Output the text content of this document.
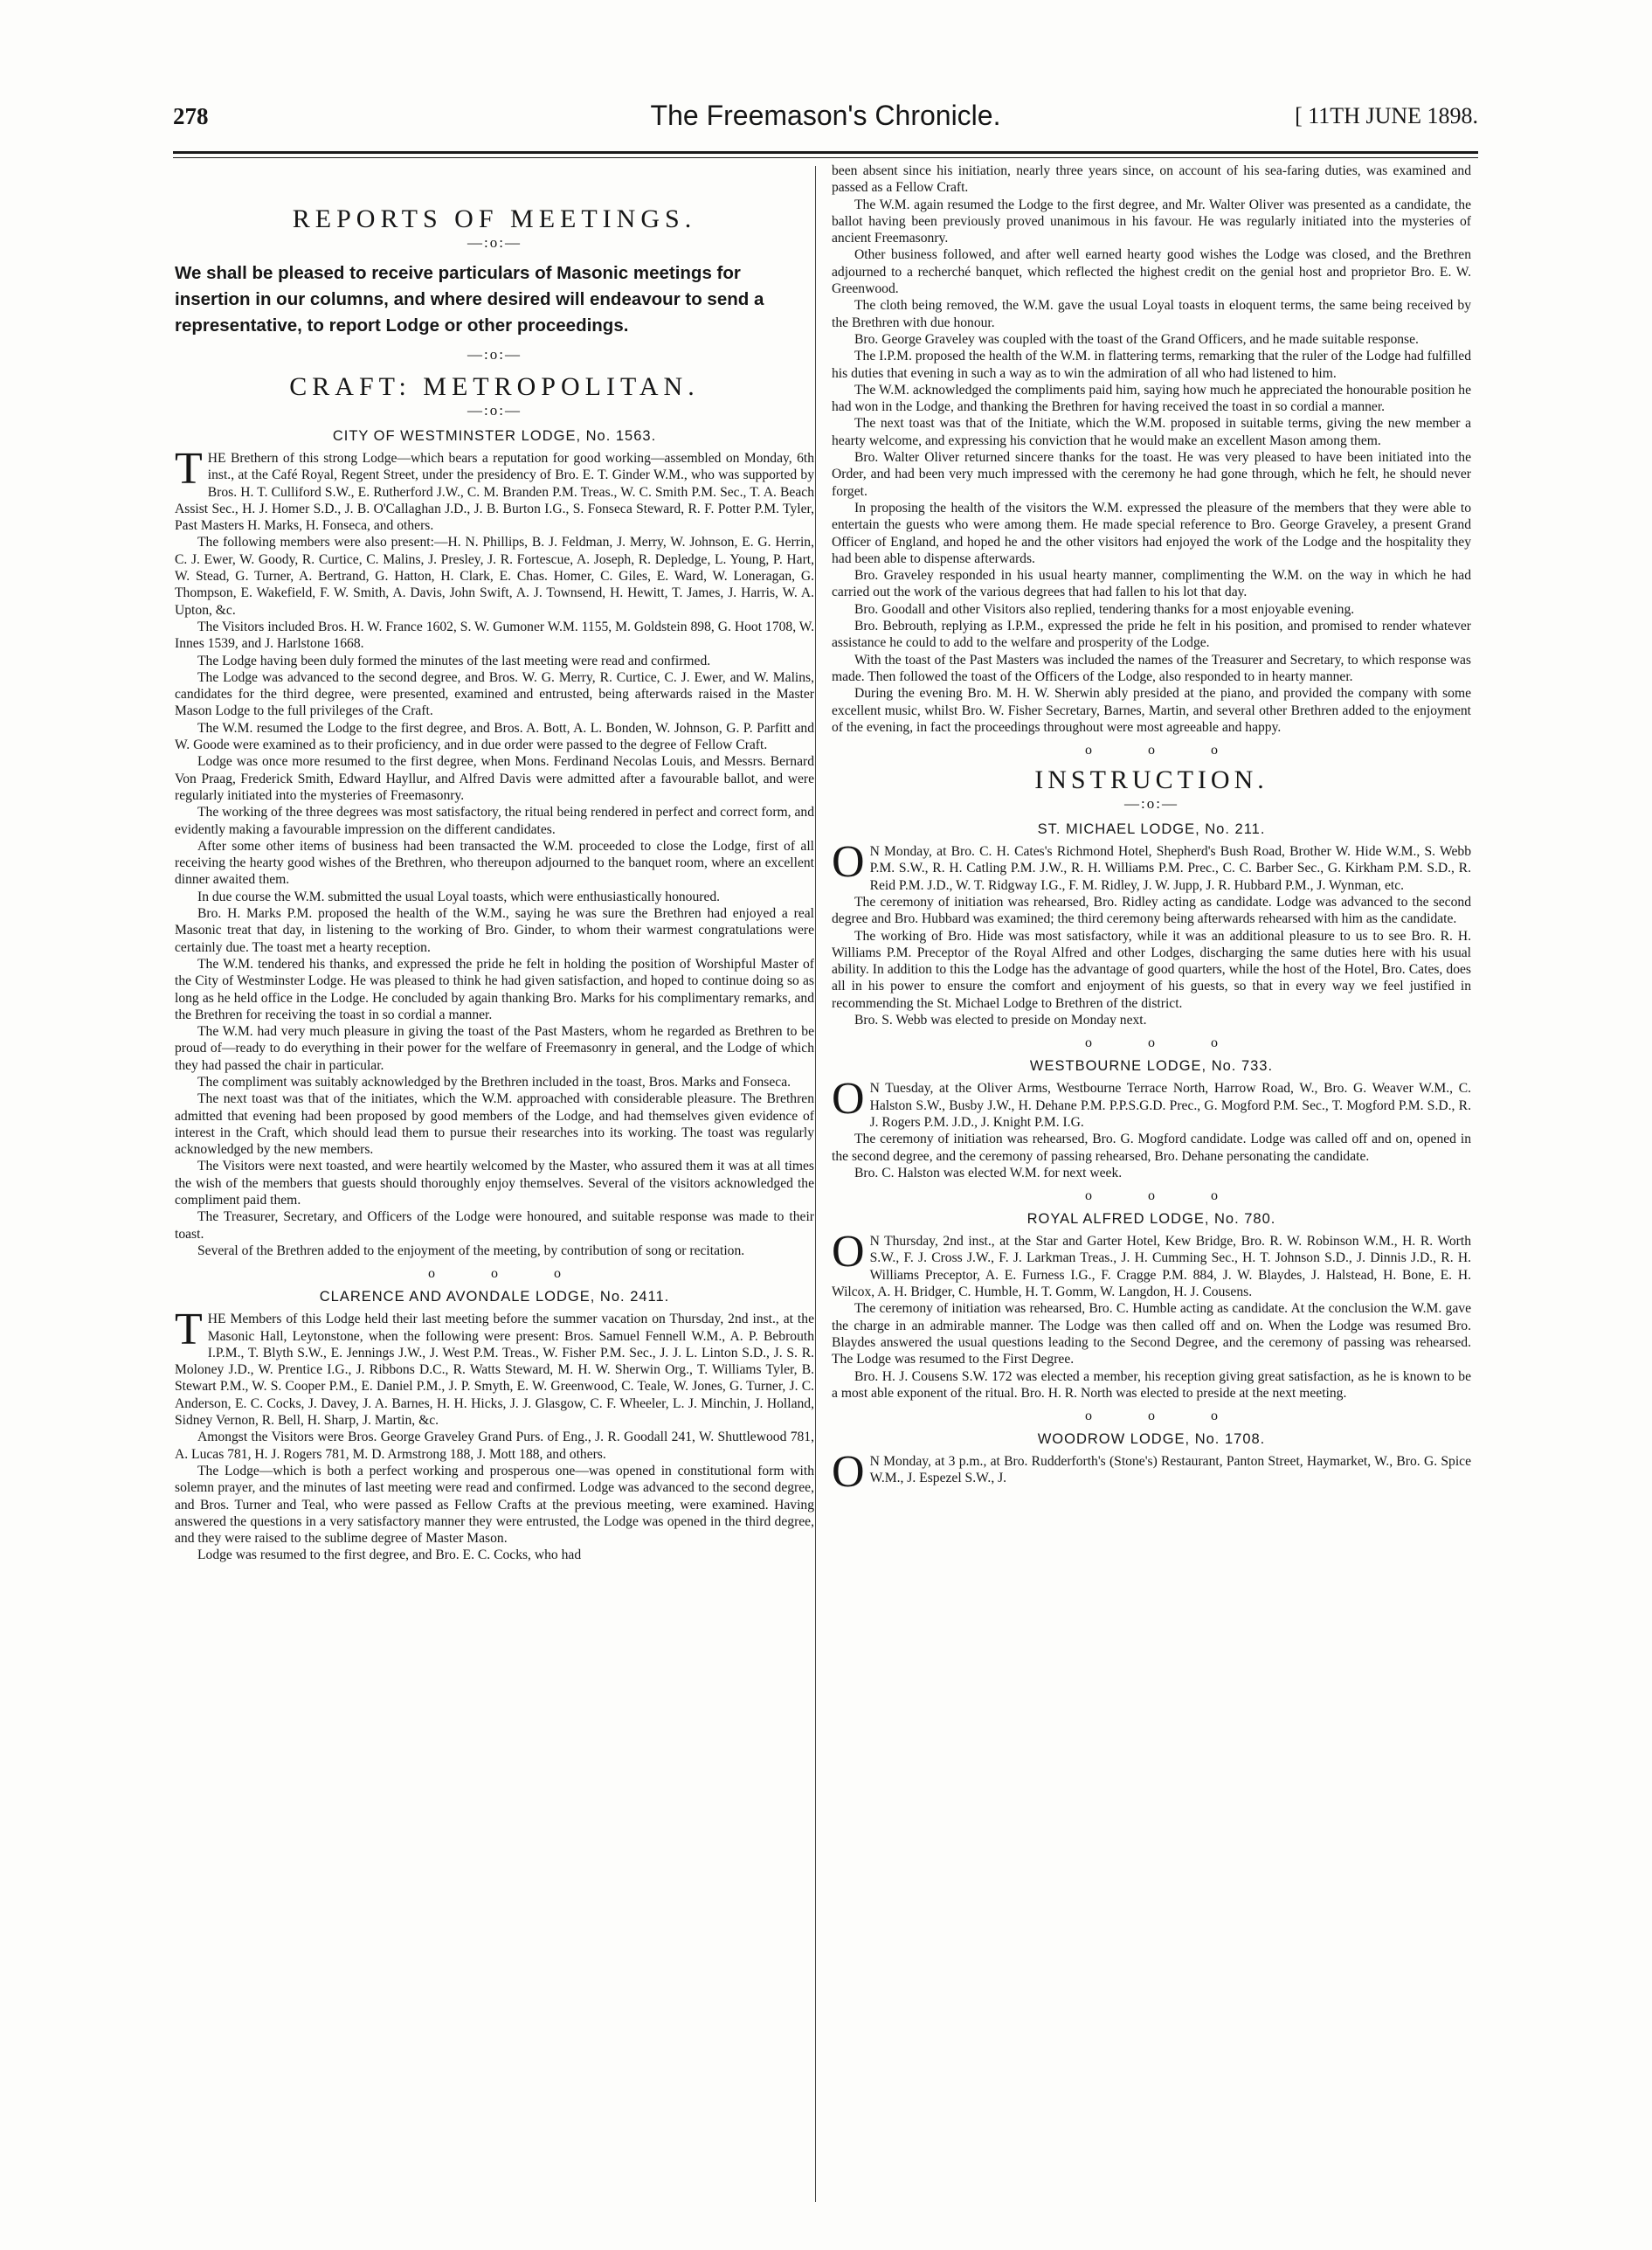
278	The Freemason's Chronicle.	[ 11TH JUNE 1898.
REPORTS OF MEETINGS.
—:o:—
We shall be pleased to receive particulars of Masonic meetings for insertion in our columns, and where desired will endeavour to send a representative, to report Lodge or other proceedings.
—:o:—
CRAFT: METROPOLITAN.
—:o:—
CITY OF WESTMINSTER LODGE, No. 1563.

THE Brethern of this strong Lodge—which bears a reputation for good working—assembled on Monday, 6th inst., at the Café Royal, Regent Street, under the presidency of Bro. E. T. Ginder W.M., who was supported by Bros. H. T. Culliford S.W., E. Rutherford J.W., C. M. Branden P.M. Treas., W. C. Smith P.M. Sec., T. A. Beach Assist Sec., H. J. Homer S.D., J. B. O'Callaghan J.D., J. B. Burton I.G., S. Fonseca Steward, R. F. Potter P.M. Tyler, Past Masters H. Marks, H. Fonseca, and others.

The following members were also present:—H. N. Phillips, B. J. Feldman, J. Merry, W. Johnson, E. G. Herrin, C. J. Ewer, W. Goody, R. Curtice, C. Malins, J. Presley, J. R. Fortescue, A. Joseph, R. Depledge, L. Young, P. Hart, W. Stead, G. Turner, A. Bertrand, G. Hatton, H. Clark, E. Chas. Homer, C. Giles, E. Ward, W. Loneragan, G. Thompson, E. Wakefield, F. W. Smith, A. Davis, John Swift, A. J. Townsend, H. Hewitt, T. James, J. Harris, W. A. Upton, &c.

The Visitors included Bros. H. W. France 1602, S. W. Gumoner W.M. 1155, M. Goldstein 898, G. Hoot 1708, W. Innes 1539, and J. Harlstone 1668.

The Lodge having been duly formed the minutes of the last meeting were read and confirmed.

The Lodge was advanced to the second degree, and Bros. W. G. Merry, R. Curtice, C. J. Ewer, and W. Malins, candidates for the third degree, were presented, examined and entrusted, being afterwards raised in the Master Mason Lodge to the full privileges of the Craft.

The W.M. resumed the Lodge to the first degree, and Bros. A. Bott, A. L. Bonden, W. Johnson, G. P. Parfitt and W. Goode were examined as to their proficiency, and in due order were passed to the degree of Fellow Craft.

Lodge was once more resumed to the first degree, when Mons. Ferdinand Necolas Louis, and Messrs. Bernard Von Praag, Frederick Smith, Edward Hayllur, and Alfred Davis were admitted after a favourable ballot, and were regularly initiated into the mysteries of Freemasonry.

The working of the three degrees was most satisfactory, the ritual being rendered in perfect and correct form, and evidently making a favourable impression on the different candidates.

After some other items of business had been transacted the W.M. proceeded to close the Lodge, first of all receiving the hearty good wishes of the Brethren, who thereupon adjourned to the banquet room, where an excellent dinner awaited them.

In due course the W.M. submitted the usual Loyal toasts, which were enthusiastically honoured.

Bro. H. Marks P.M. proposed the health of the W.M., saying he was sure the Brethren had enjoyed a real Masonic treat that day, in listening to the working of Bro. Ginder, to whom their warmest congratulations were certainly due. The toast met a hearty reception.

The W.M. tendered his thanks, and expressed the pride he felt in holding the position of Worshipful Master of the City of Westminster Lodge. He was pleased to think he had given satisfaction, and hoped to continue doing so as long as he held office in the Lodge. He concluded by again thanking Bro. Marks for his complimentary remarks, and the Brethren for receiving the toast in so cordial a manner.

The W.M. had very much pleasure in giving the toast of the Past Masters, whom he regarded as Brethren to be proud of—ready to do everything in their power for the welfare of Freemasonry in general, and the Lodge of which they had passed the chair in particular.

The compliment was suitably acknowledged by the Brethren included in the toast, Bros. Marks and Fonseca.

The next toast was that of the initiates, which the W.M. approached with considerable pleasure. The Brethren admitted that evening had been proposed by good members of the Lodge, and had themselves given evidence of interest in the Craft, which should lead them to pursue their researches into its working. The toast was regularly acknowledged by the new members.

The Visitors were next toasted, and were heartily welcomed by the Master, who assured them it was at all times the wish of the members that guests should thoroughly enjoy themselves. Several of the visitors acknowledged the compliment paid them.

The Treasurer, Secretary, and Officers of the Lodge were honoured, and suitable response was made to their toast.

Several of the Brethren added to the enjoyment of the meeting, by contribution of song or recitation.

o o o
CLARENCE AND AVONDALE LODGE, No. 2411.

THE Members of this Lodge held their last meeting before the summer vacation on Thursday, 2nd inst., at the Masonic Hall, Leytonstone, when the following were present: Bros. Samuel Fennell W.M., A. P. Bebrouth I.P.M., T. Blyth S.W., E. Jennings J.W., J. West P.M. Treas., W. Fisher P.M. Sec., J. J. L. Linton S.D., J. S. R. Moloney J.D., W. Prentice I.G., J. Ribbons D.C., R. Watts Steward, M. H. W. Sherwin Org., T. Williams Tyler, B. Stewart P.M., W. S. Cooper P.M., E. Daniel P.M., J. P. Smyth, E. W. Greenwood, C. Teale, W. Jones, G. Turner, J. C. Anderson, E. C. Cocks, J. Davey, J. A. Barnes, H. H. Hicks, J. J. Glasgow, C. F. Wheeler, L. J. Minchin, J. Holland, Sidney Vernon, R. Bell, H. Sharp, J. Martin, &c.

Amongst the Visitors were Bros. George Graveley Grand Purs. of Eng., J. R. Goodall 241, W. Shuttlewood 781, A. Lucas 781, H. J. Rogers 781, M. D. Armstrong 188, J. Mott 188, and others.

The Lodge—which is both a perfect working and prosperous one—was opened in constitutional form with solemn prayer, and the minutes of last meeting were read and confirmed. Lodge was advanced to the second degree, and Bros. Turner and Teal, who were passed as Fellow Crafts at the previous meeting, were examined. Having answered the questions in a very satisfactory manner they were entrusted, the Lodge was opened in the third degree, and they were raised to the sublime degree of Master Mason.

Lodge was resumed to the first degree, and Bro. E. C. Cocks, who had

been absent since his initiation, nearly three years since, on account of his sea-faring duties, was examined and passed as a Fellow Craft.

The W.M. again resumed the Lodge to the first degree, and Mr. Walter Oliver was presented as a candidate, the ballot having been previously proved unanimous in his favour. He was regularly initiated into the mysteries of ancient Freemasonry.

Other business followed, and after well earned hearty good wishes the Lodge was closed, and the Brethren adjourned to a recherché banquet, which reflected the highest credit on the genial host and proprietor Bro. E. W. Greenwood.

The cloth being removed, the W.M. gave the usual Loyal toasts in eloquent terms, the same being received by the Brethren with due honour.

Bro. George Graveley was coupled with the toast of the Grand Officers, and he made suitable response.

The I.P.M. proposed the health of the W.M. in flattering terms, remarking that the ruler of the Lodge had fulfilled his duties that evening in such a way as to win the admiration of all who had listened to him.

The W.M. acknowledged the compliments paid him, saying how much he appreciated the honourable position he had won in the Lodge, and thanking the Brethren for having received the toast in so cordial a manner.

The next toast was that of the Initiate, which the W.M. proposed in suitable terms, giving the new member a hearty welcome, and expressing his conviction that he would make an excellent Mason among them.

Bro. Walter Oliver returned sincere thanks for the toast. He was very pleased to have been initiated into the Order, and had been very much impressed with the ceremony he had gone through, which he felt, he should never forget.

In proposing the health of the visitors the W.M. expressed the pleasure of the members that they were able to entertain the guests who were among them. He made special reference to Bro. George Graveley, a present Grand Officer of England, and hoped he and the other visitors had enjoyed the work of the Lodge and the hospitality they had been able to dispense afterwards.

Bro. Graveley responded in his usual hearty manner, complimenting the W.M. on the way in which he had carried out the work of the various degrees that had fallen to his lot that day.

Bro. Goodall and other Visitors also replied, tendering thanks for a most enjoyable evening.

Bro. Bebrouth, replying as I.P.M., expressed the pride he felt in his position, and promised to render whatever assistance he could to add to the welfare and prosperity of the Lodge.

With the toast of the Past Masters was included the names of the Treasurer and Secretary, to which response was made. Then followed the toast of the Officers of the Lodge, also responded to in hearty manner.

During the evening Bro. M. H. W. Sherwin ably presided at the piano, and provided the company with some excellent music, whilst Bro. W. Fisher Secretary, Barnes, Martin, and several other Brethren added to the enjoyment of the evening, in fact the proceedings throughout were most agreeable and happy.

o o o
INSTRUCTION.
—:o:—
ST. MICHAEL LODGE, No. 211.

O N Monday, at Bro. C. H. Cates's Richmond Hotel, Shepherd's Bush Road, Brother W. Hide W.M., S. Webb P.M. S.W., R. H. Catling P.M. J.W., R. H. Williams P.M. Prec., C. C. Barber Sec., G. Kirkham P.M. S.D., R. Reid P.M. J.D., W. T. Ridgway I.G., F. M. Ridley, J. W. Jupp, J. R. Hubbard P.M., J. Wynman, etc.

The ceremony of initiation was rehearsed, Bro. Ridley acting as candidate. Lodge was advanced to the second degree and Bro. Hubbard was examined; the third ceremony being afterwards rehearsed with him as the candidate.

The working of Bro. Hide was most satisfactory, while it was an additional pleasure to us to see Bro. R. H. Williams P.M. Preceptor of the Royal Alfred and other Lodges, discharging the same duties here with his usual ability. In addition to this the Lodge has the advantage of good quarters, while the host of the Hotel, Bro. Cates, does all in his power to ensure the comfort and enjoyment of his guests, so that in every way we feel justified in recommending the St. Michael Lodge to Brethren of the district.

Bro. S. Webb was elected to preside on Monday next.

o o o
WESTBOURNE LODGE, No. 733.

O N Tuesday, at the Oliver Arms, Westbourne Terrace North, Harrow Road, W., Bro. G. Weaver W.M., C. Halston S.W., Busby J.W., H. Dehane P.M. P.P.S.G.D. Prec., G. Mogford P.M. Sec., T. Mogford P.M. S.D., R. J. Rogers P.M. J.D., J. Knight P.M. I.G.

The ceremony of initiation was rehearsed, Bro. G. Mogford candidate. Lodge was called off and on, opened in the second degree, and the ceremony of passing rehearsed, Bro. Dehane personating the candidate.

Bro. C. Halston was elected W.M. for next week.

o o o
ROYAL ALFRED LODGE, No. 780.

O N Thursday, 2nd inst., at the Star and Garter Hotel, Kew Bridge, Bro. R. W. Robinson W.M., H. R. Worth S.W., F. J. Cross J.W., F. J. Larkman Treas., J. H. Cumming Sec., H. T. Johnson S.D., J. Dinnis J.D., R. H. Williams Preceptor, A. E. Furness I.G., F. Cragge P.M. 884, J. W. Blaydes, J. Halstead, H. Bone, E. H. Wilcox, A. H. Bridger, C. Humble, H. T. Gomm, W. Langdon, H. J. Cousens.

The ceremony of initiation was rehearsed, Bro. C. Humble acting as candidate. At the conclusion the W.M. gave the charge in an admirable manner. The Lodge was then called off and on. When the Lodge was resumed Bro. Blaydes answered the usual questions leading to the Second Degree, and the ceremony of passing was rehearsed. The Lodge was resumed to the First Degree.

Bro. H. J. Cousens S.W. 172 was elected a member, his reception giving great satisfaction, as he is known to be a most able exponent of the ritual. Bro. H. R. North was elected to preside at the next meeting.

o o o
WOODROW LODGE, No. 1708.

O N Monday, at 3 p.m., at Bro. Rudderforth's (Stone's) Restaurant, Panton Street, Haymarket, W., Bro. G. Spice W.M., J. Espezel S.W., J.
